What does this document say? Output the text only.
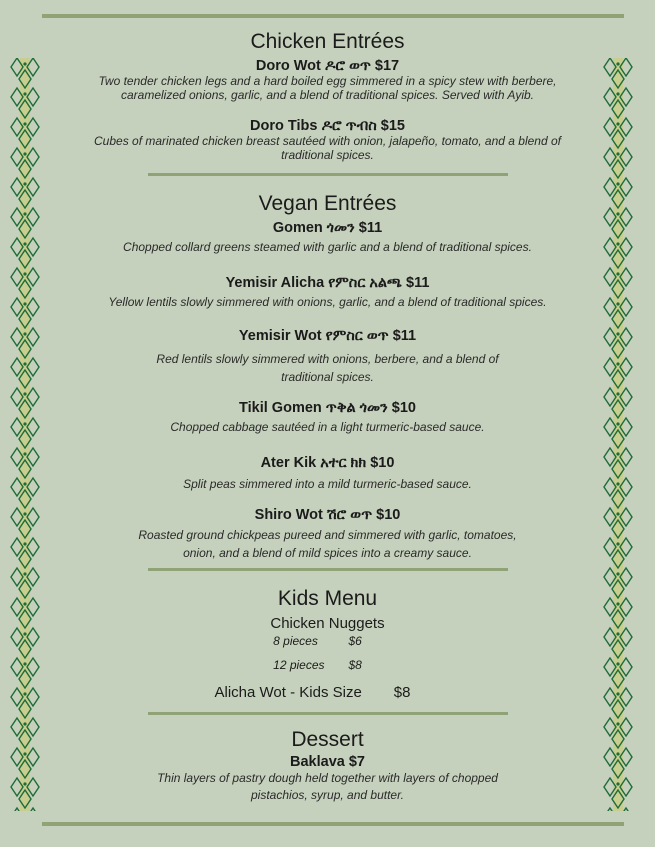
Chicken Entrées
Doro Wot ዶሮ ወጥ $17
Two tender chicken legs and a hard boiled egg simmered in a spicy stew with berbere, caramelized onions, garlic, and a blend of traditional spices. Served with Ayib.
Doro Tibs ዶሮ ጥብስ $15
Cubes of marinated chicken breast sautéed with onion, jalapeño, tomato, and a blend of traditional spices.
Vegan Entrées
Gomen ጎመን $11
Chopped collard greens steamed with garlic and a blend of traditional spices.
Yemisir Alicha የምስር አልጫ $11
Yellow lentils slowly simmered with onions, garlic, and a blend of traditional spices.
Yemisir Wot የምስር ወጥ $11
Red lentils slowly simmered with onions, berbere, and a blend of traditional spices.
Tikil Gomen ጥቅል ጎመን $10
Chopped cabbage sautéed in a light turmeric-based sauce.
Ater Kik አተር ክክ $10
Split peas simmered into a mild turmeric-based sauce.
Shiro Wot ሽሮ ወጥ $10
Roasted ground chickpeas pureed and simmered with garlic, tomatoes, onion, and a blend of mild spices into a creamy sauce.
Kids Menu
Chicken Nuggets
8 pieces	$6
12 pieces $8
Alicha Wot - Kids Size $8
Dessert
Baklava $7
Thin layers of pastry dough held together with layers of chopped pistachios, syrup, and butter.
